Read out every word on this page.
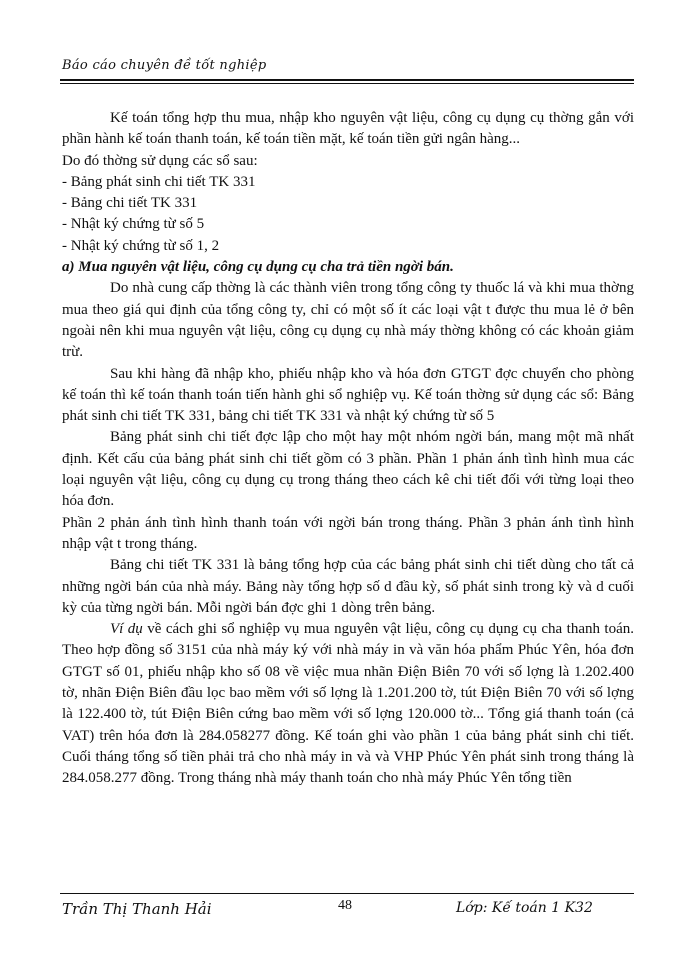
Báo cáo chuyên đề tốt nghiệp

Kế toán tổng hợp thu mua, nhập kho nguyên vật liệu, công cụ dụng cụ thờng gắn với phần hành kế toán thanh toán, kế toán tiền mặt, kế toán tiền gửi ngân hàng...

Do đó thờng sử dụng các sổ sau:

- Bảng phát sinh chi tiết TK 331

- Bảng chi tiết TK 331

- Nhật ký chứng từ số 5

- Nhật ký chứng từ số 1, 2

a) Mua nguyên vật liệu, công cụ dụng cụ cha trả tiền ngời bán.

Do nhà cung cấp thờng là các thành viên trong tổng công ty thuốc lá và khi mua thờng mua theo giá qui định của tổng công ty, chỉ có một số ít các loại vật t được thu mua lẻ ở bên ngoài nên khi mua nguyên vật liệu, công cụ dụng cụ nhà máy thờng không có các khoản giảm trừ.

Sau khi hàng đã nhập kho, phiếu nhập kho và hóa đơn GTGT đợc chuyển cho phòng kế toán thì kế toán thanh toán tiến hành ghi sổ nghiệp vụ. Kế toán thờng sử dụng các sổ: Bảng phát sinh chi tiết TK 331, bảng chi tiết TK 331 và nhật ký chứng từ số 5

Bảng phát sinh chi tiết đợc lập cho một hay một nhóm ngời bán, mang một mã nhất định. Kết cấu của bảng phát sinh chi tiết gồm có 3 phần. Phần 1 phản ánh tình hình mua các loại nguyên vật liệu, công cụ dụng cụ trong tháng theo cách kê chi tiết đối với từng loại theo hóa đơn.

Phần 2 phản ánh tình hình thanh toán với ngời bán trong tháng. Phần 3 phản ánh tình hình nhập vật t trong tháng.

Bảng chi tiết TK 331 là bảng tổng hợp của các bảng phát sinh chi tiết dùng cho tất cả những ngời bán của nhà máy. Bảng này tổng hợp số d đầu kỳ, số phát sinh trong kỳ và d cuối kỳ của từng ngời bán. Mỗi ngời bán đợc ghi 1 dòng trên bảng.

Ví dụ về cách ghi sổ nghiệp vụ mua nguyên vật liệu, công cụ dụng cụ cha thanh toán. Theo hợp đồng số 3151 của nhà máy ký với nhà máy in và văn hóa phẩm Phúc Yên, hóa đơn GTGT số 01, phiếu nhập kho số 08 về việc mua nhãn Điện Biên 70 với số lợng là 1.202.400 tờ, nhãn Điện Biên đầu lọc bao mềm với số lợng là 1.201.200 tờ, tút Điện Biên 70 với số lợng là 122.400 tờ, tút Điện Biên cứng bao mềm với số lợng 120.000 tờ... Tổng giá thanh toán (cả VAT) trên hóa đơn là 284.058277 đồng. Kế toán ghi vào phần 1 của bảng phát sinh chi tiết. Cuối tháng tổng số tiền phải trả cho nhà máy in và và VHP Phúc Yên phát sinh trong tháng là 284.058.277 đồng. Trong tháng nhà máy thanh toán cho nhà máy Phúc Yên tổng tiền

Trần Thị Thanh Hải	48	Lớp: Kế toán 1 K32
